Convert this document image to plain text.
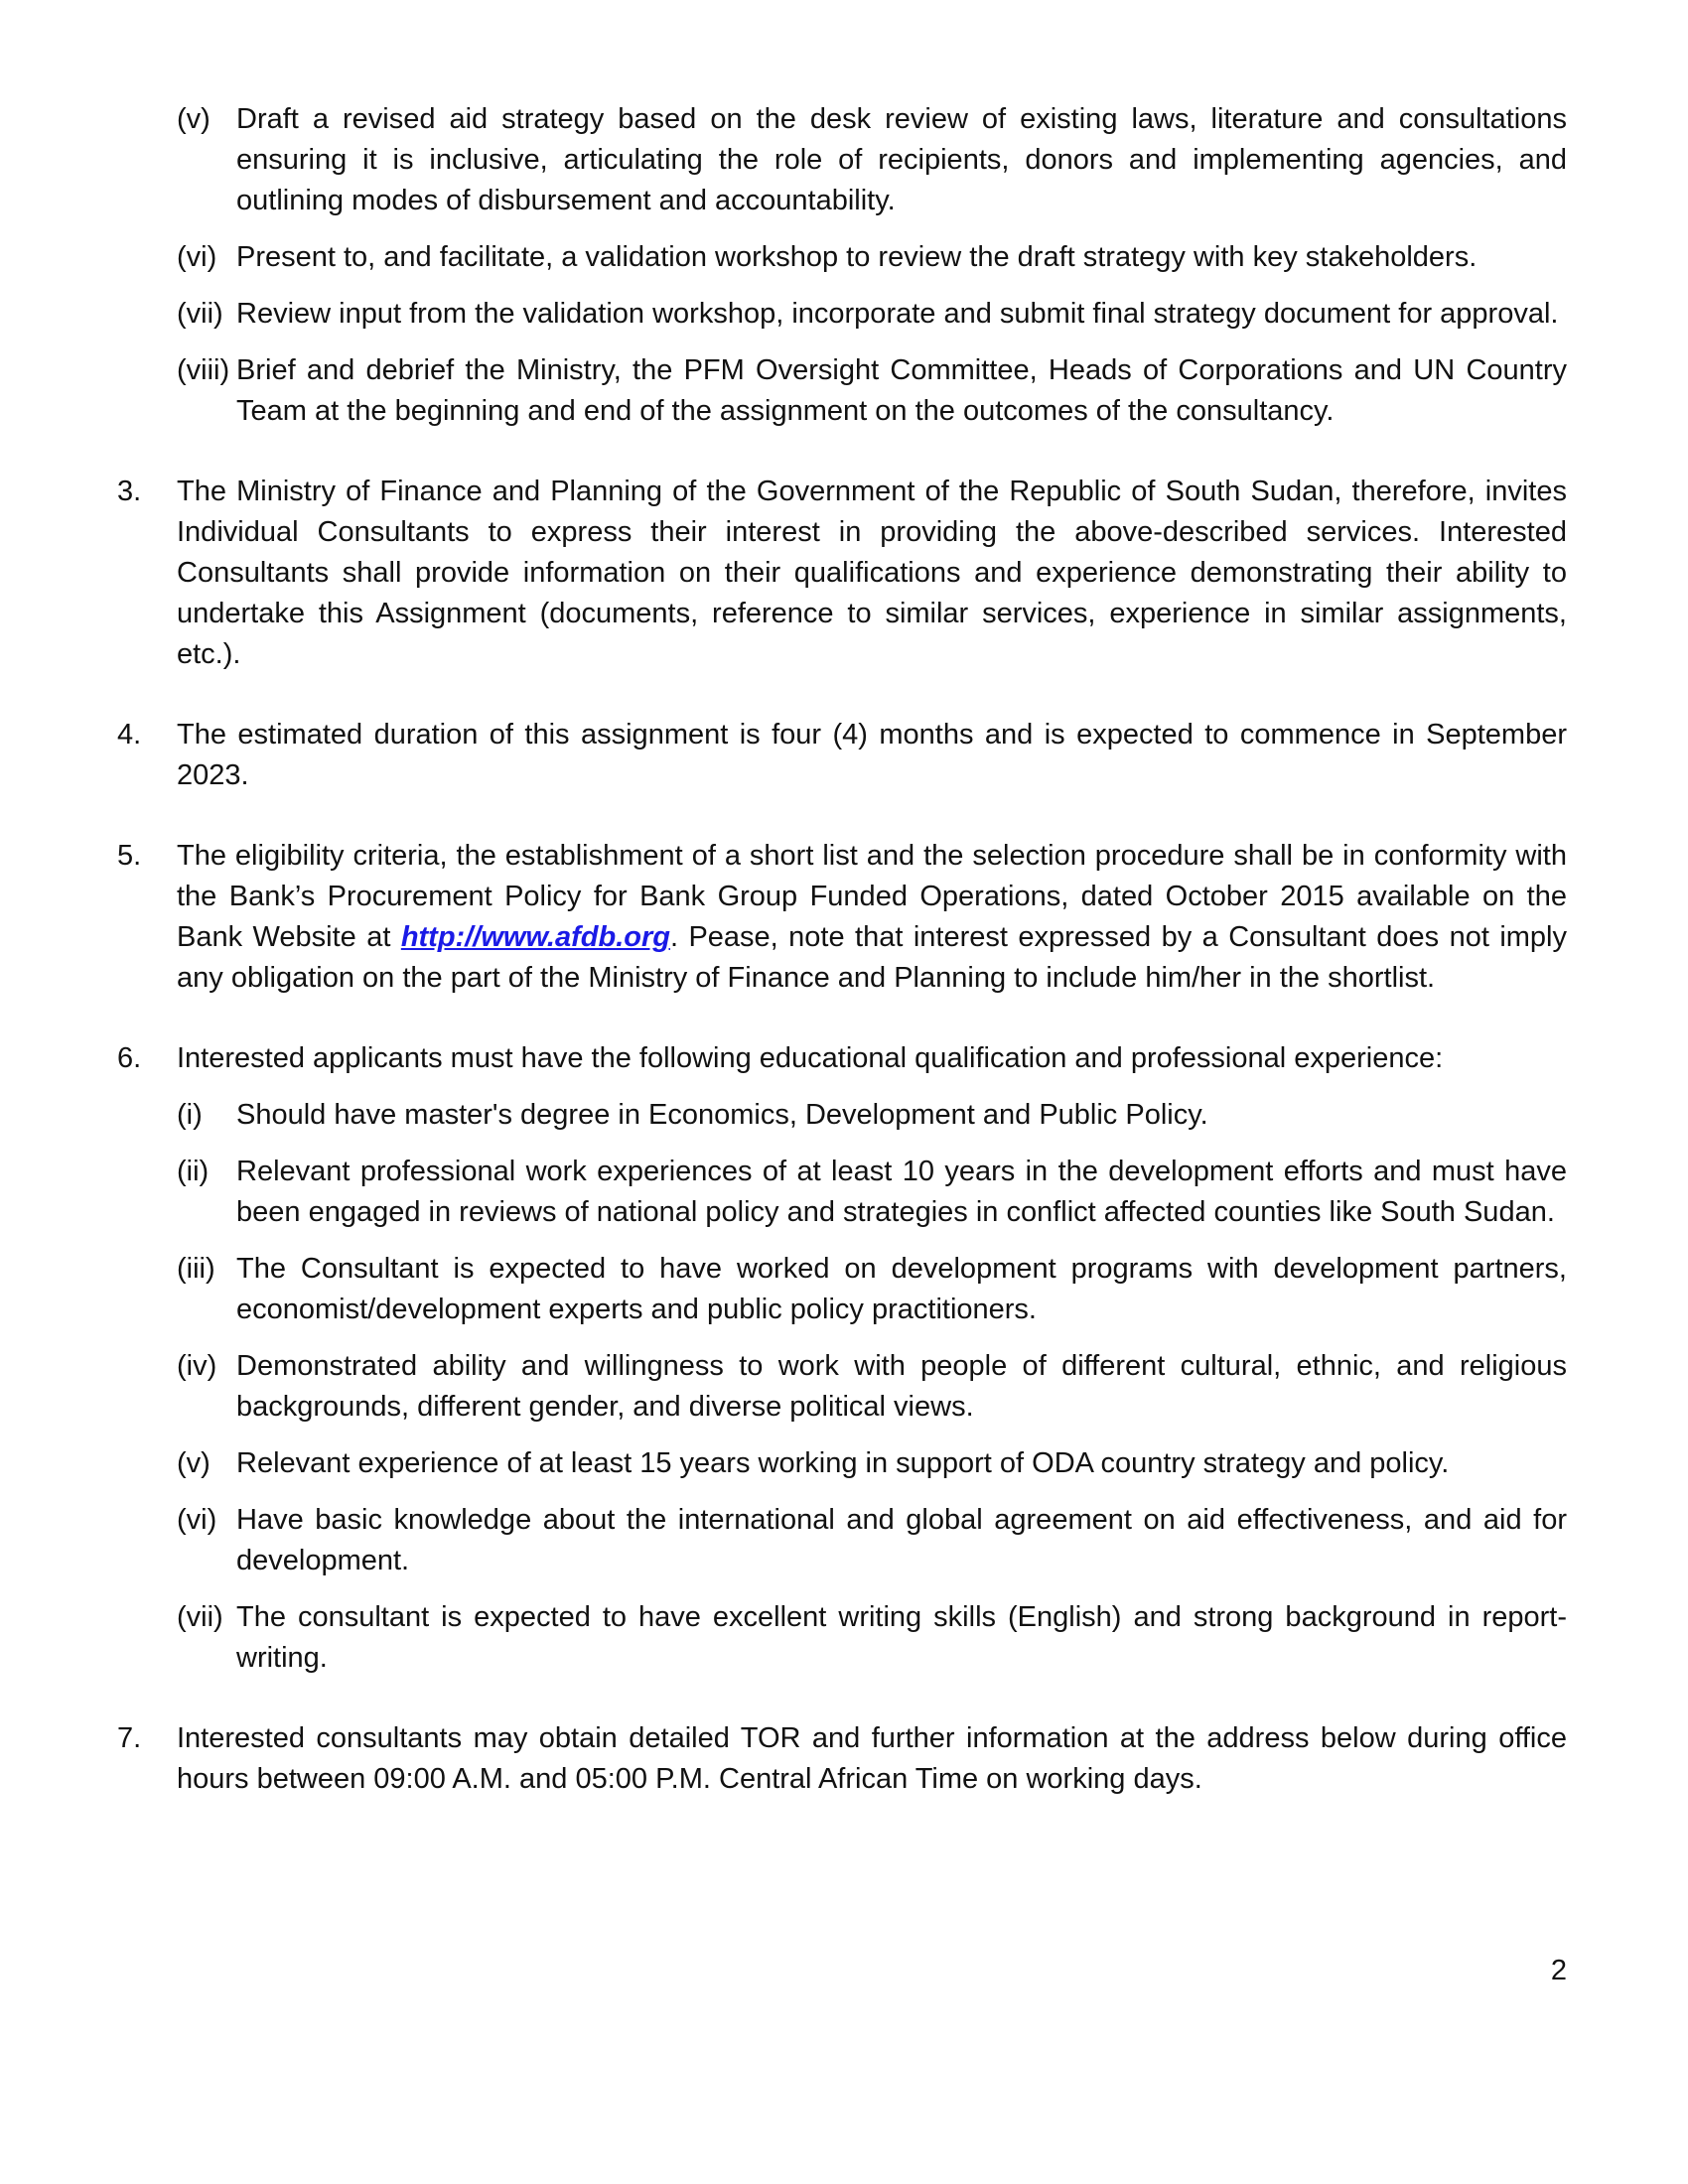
(v) Draft a revised aid strategy based on the desk review of existing laws, literature and consultations ensuring it is inclusive, articulating the role of recipients, donors and implementing agencies, and outlining modes of disbursement and accountability.
(vi) Present to, and facilitate, a validation workshop to review the draft strategy with key stakeholders.
(vii) Review input from the validation workshop, incorporate and submit final strategy document for approval.
(viii) Brief and debrief the Ministry, the PFM Oversight Committee, Heads of Corporations and UN Country Team at the beginning and end of the assignment on the outcomes of the consultancy.
3.	The Ministry of Finance and Planning of the Government of the Republic of South Sudan, therefore, invites Individual Consultants to express their interest in providing the above-described services. Interested Consultants shall provide information on their qualifications and experience demonstrating their ability to undertake this Assignment (documents, reference to similar services, experience in similar assignments, etc.).
4.	The estimated duration of this assignment is four (4) months and is expected to commence in September 2023.
5.	The eligibility criteria, the establishment of a short list and the selection procedure shall be in conformity with the Bank’s Procurement Policy for Bank Group Funded Operations, dated October 2015 available on the Bank Website at http://www.afdb.org. Pease, note that interest expressed by a Consultant does not imply any obligation on the part of the Ministry of Finance and Planning to include him/her in the shortlist.
6.	Interested applicants must have the following educational qualification and professional experience:
(i)	Should have master's degree in Economics, Development and Public Policy.
(ii) Relevant professional work experiences of at least 10 years in the development efforts and must have been engaged in reviews of national policy and strategies in conflict affected counties like South Sudan.
(iii) The Consultant is expected to have worked on development programs with development partners, economist/development experts and public policy practitioners.
(iv) Demonstrated ability and willingness to work with people of different cultural, ethnic, and religious backgrounds, different gender, and diverse political views.
(v) Relevant experience of at least 15 years working in support of ODA country strategy and policy.
(vi) Have basic knowledge about the international and global agreement on aid effectiveness, and aid for development.
(vii) The consultant is expected to have excellent writing skills (English) and strong background in report-writing.
7.	Interested consultants may obtain detailed TOR and further information at the address below during office hours between 09:00 A.M. and 05:00 P.M. Central African Time on working days.
2
